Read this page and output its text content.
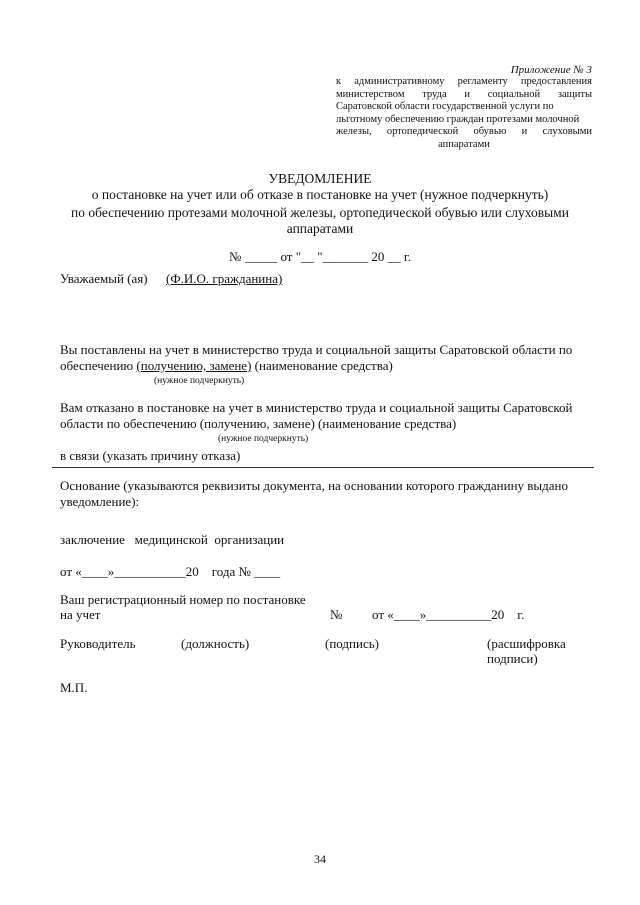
Приложение № 3
к административному регламенту предоставления
министерством труда и социальной защиты
Саратовской области государственной услуги по
льготному обеспечению граждан протезами молочной
железы, ортопедической обувью и слуховыми
аппаратами
УВЕДОМЛЕНИЕ
о постановке на учет или об отказе в постановке на учет (нужное подчеркнуть)
по обеспечению протезами молочной железы, ортопедической обувью или слуховыми
аппаратами
№ _____ от "__ "_______ 20 __ г.
Уважаемый (ая) (Ф.И.О. гражданина)
Вы поставлены на учет в министерство труда и социальной защиты Саратовской области по
обеспечению (получению, замене) (наименование средства)
(нужное подчеркнуть)
Вам отказано в постановке на учет в министерство труда и социальной защиты Саратовской
области по обеспечению (получению, замене) (наименование средства)
(нужное подчеркнуть)
в связи (указать причину отказа)
Основание (указываются реквизиты документа, на основании которого гражданину выдано
уведомление):
заключение   медицинской  организации
от «____»___________20    года № ____
Ваш регистрационный номер по постановке
на учет	№ от «____»__________20    г.
Руководитель	(должность)	(подпись)	(расшифровка
подписи)
М.П.
34
